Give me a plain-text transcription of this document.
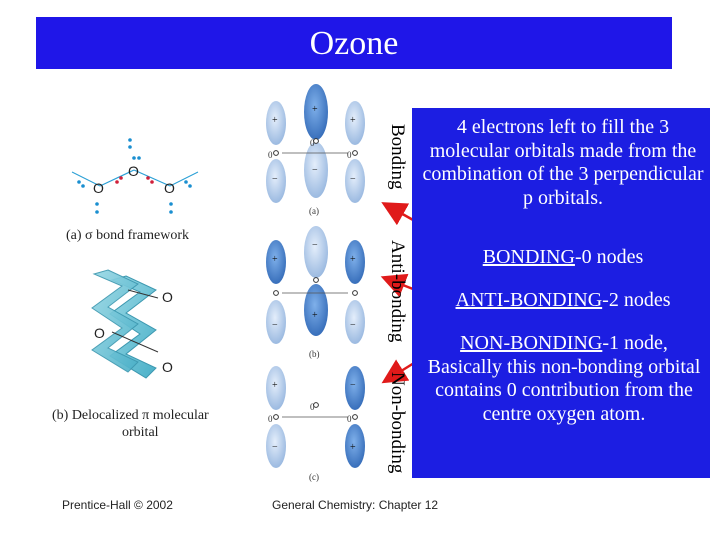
Ozone
O
O	O
O
O
O
+	+
+
−	−
−
0
0
0
(a)
+	+
−
−	−
+
(b)
+	−
−	+
0
0
0
(c)
(a) σ bond framework
(b) Delocalized π molecular
orbital
Bonding
Anti-bonding
Non-bonding
4 electrons left to fill the 3 molecular orbitals made from the combination of the 3 perpendicular p orbitals.
BONDING-0 nodes
ANTI-BONDING-2 nodes
NON-BONDING-1 node, Basically this non-bonding orbital contains 0 contribution from the centre oxygen atom.
Prentice-Hall © 2002	General Chemistry: Chapter 12
